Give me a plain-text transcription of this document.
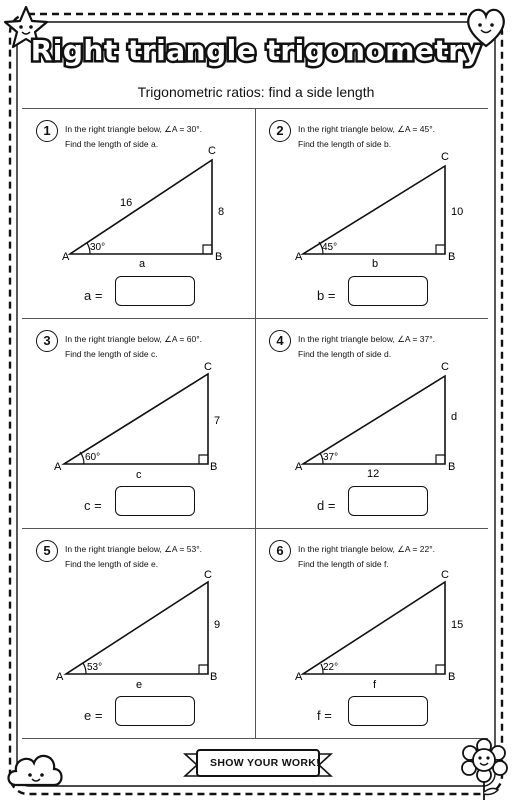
Right triangle trigonometry
Trigonometric ratios: find a side length
1	In the right triangle below, ∠A = 30°.
Find the length of side a.
A	B
C
30°
16
8
a
a =
2	In the right triangle below, ∠A = 45°.
Find the length of side b.
A	B
C
45°
10
b
b =
3	In the right triangle below, ∠A = 60°.
Find the length of side c.
A	B
C
60°
7
c
c =
4	In the right triangle below, ∠A = 37°.
Find the length of side d.
A	B
C
37°
d
12
d =
5	In the right triangle below, ∠A = 53°.
Find the length of side e.
A	B
C
53°
9
e
e =
6	In the right triangle below, ∠A = 22°.
Find the length of side f.
A	B
C
22°
15
f
f =
SHOW YOUR WORK!
